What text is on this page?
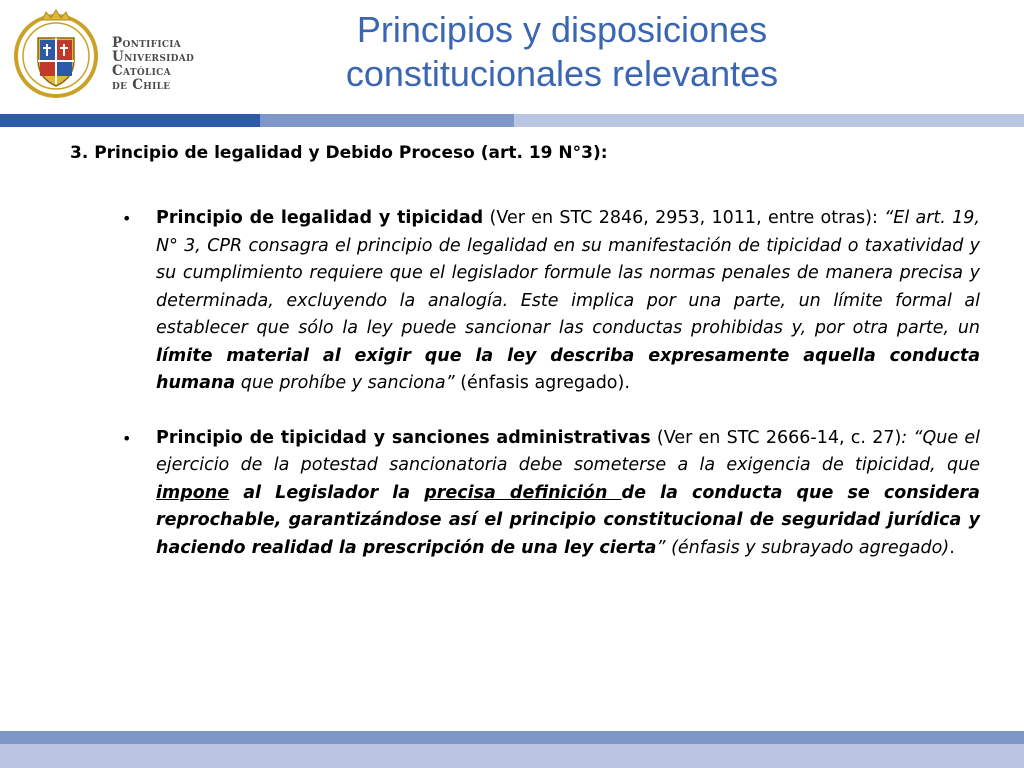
Pontificia
Universidad
Católica
de Chile
Principios y disposiciones
constitucionales relevantes
3. Principio de legalidad y Debido Proceso (art. 19 N°3):
• Principio de legalidad y tipicidad (Ver en STC 2846, 2953, 1011, entre otras): “El art. 19, N° 3, CPR consagra el principio de legalidad en su manifestación de tipicidad o taxatividad y su cumplimiento requiere que el legislador formule las normas penales de manera precisa y determinada, excluyendo la analogía. Este implica por una parte, un límite formal al establecer que sólo la ley puede sancionar las conductas prohibidas y, por otra parte, un límite material al exigir que la ley describa expresamente aquella conducta humana que prohíbe y sanciona” (énfasis agregado).
• Principio de tipicidad y sanciones administrativas (Ver en STC 2666-14, c. 27): “Que el ejercicio de la potestad sancionatoria debe someterse a la exigencia de tipicidad, que impone al Legislador la precisa definición de la conducta que se considera reprochable, garantizándose así el principio constitucional de seguridad jurídica y haciendo realidad la prescripción de una ley cierta” (énfasis y subrayado agregado).
